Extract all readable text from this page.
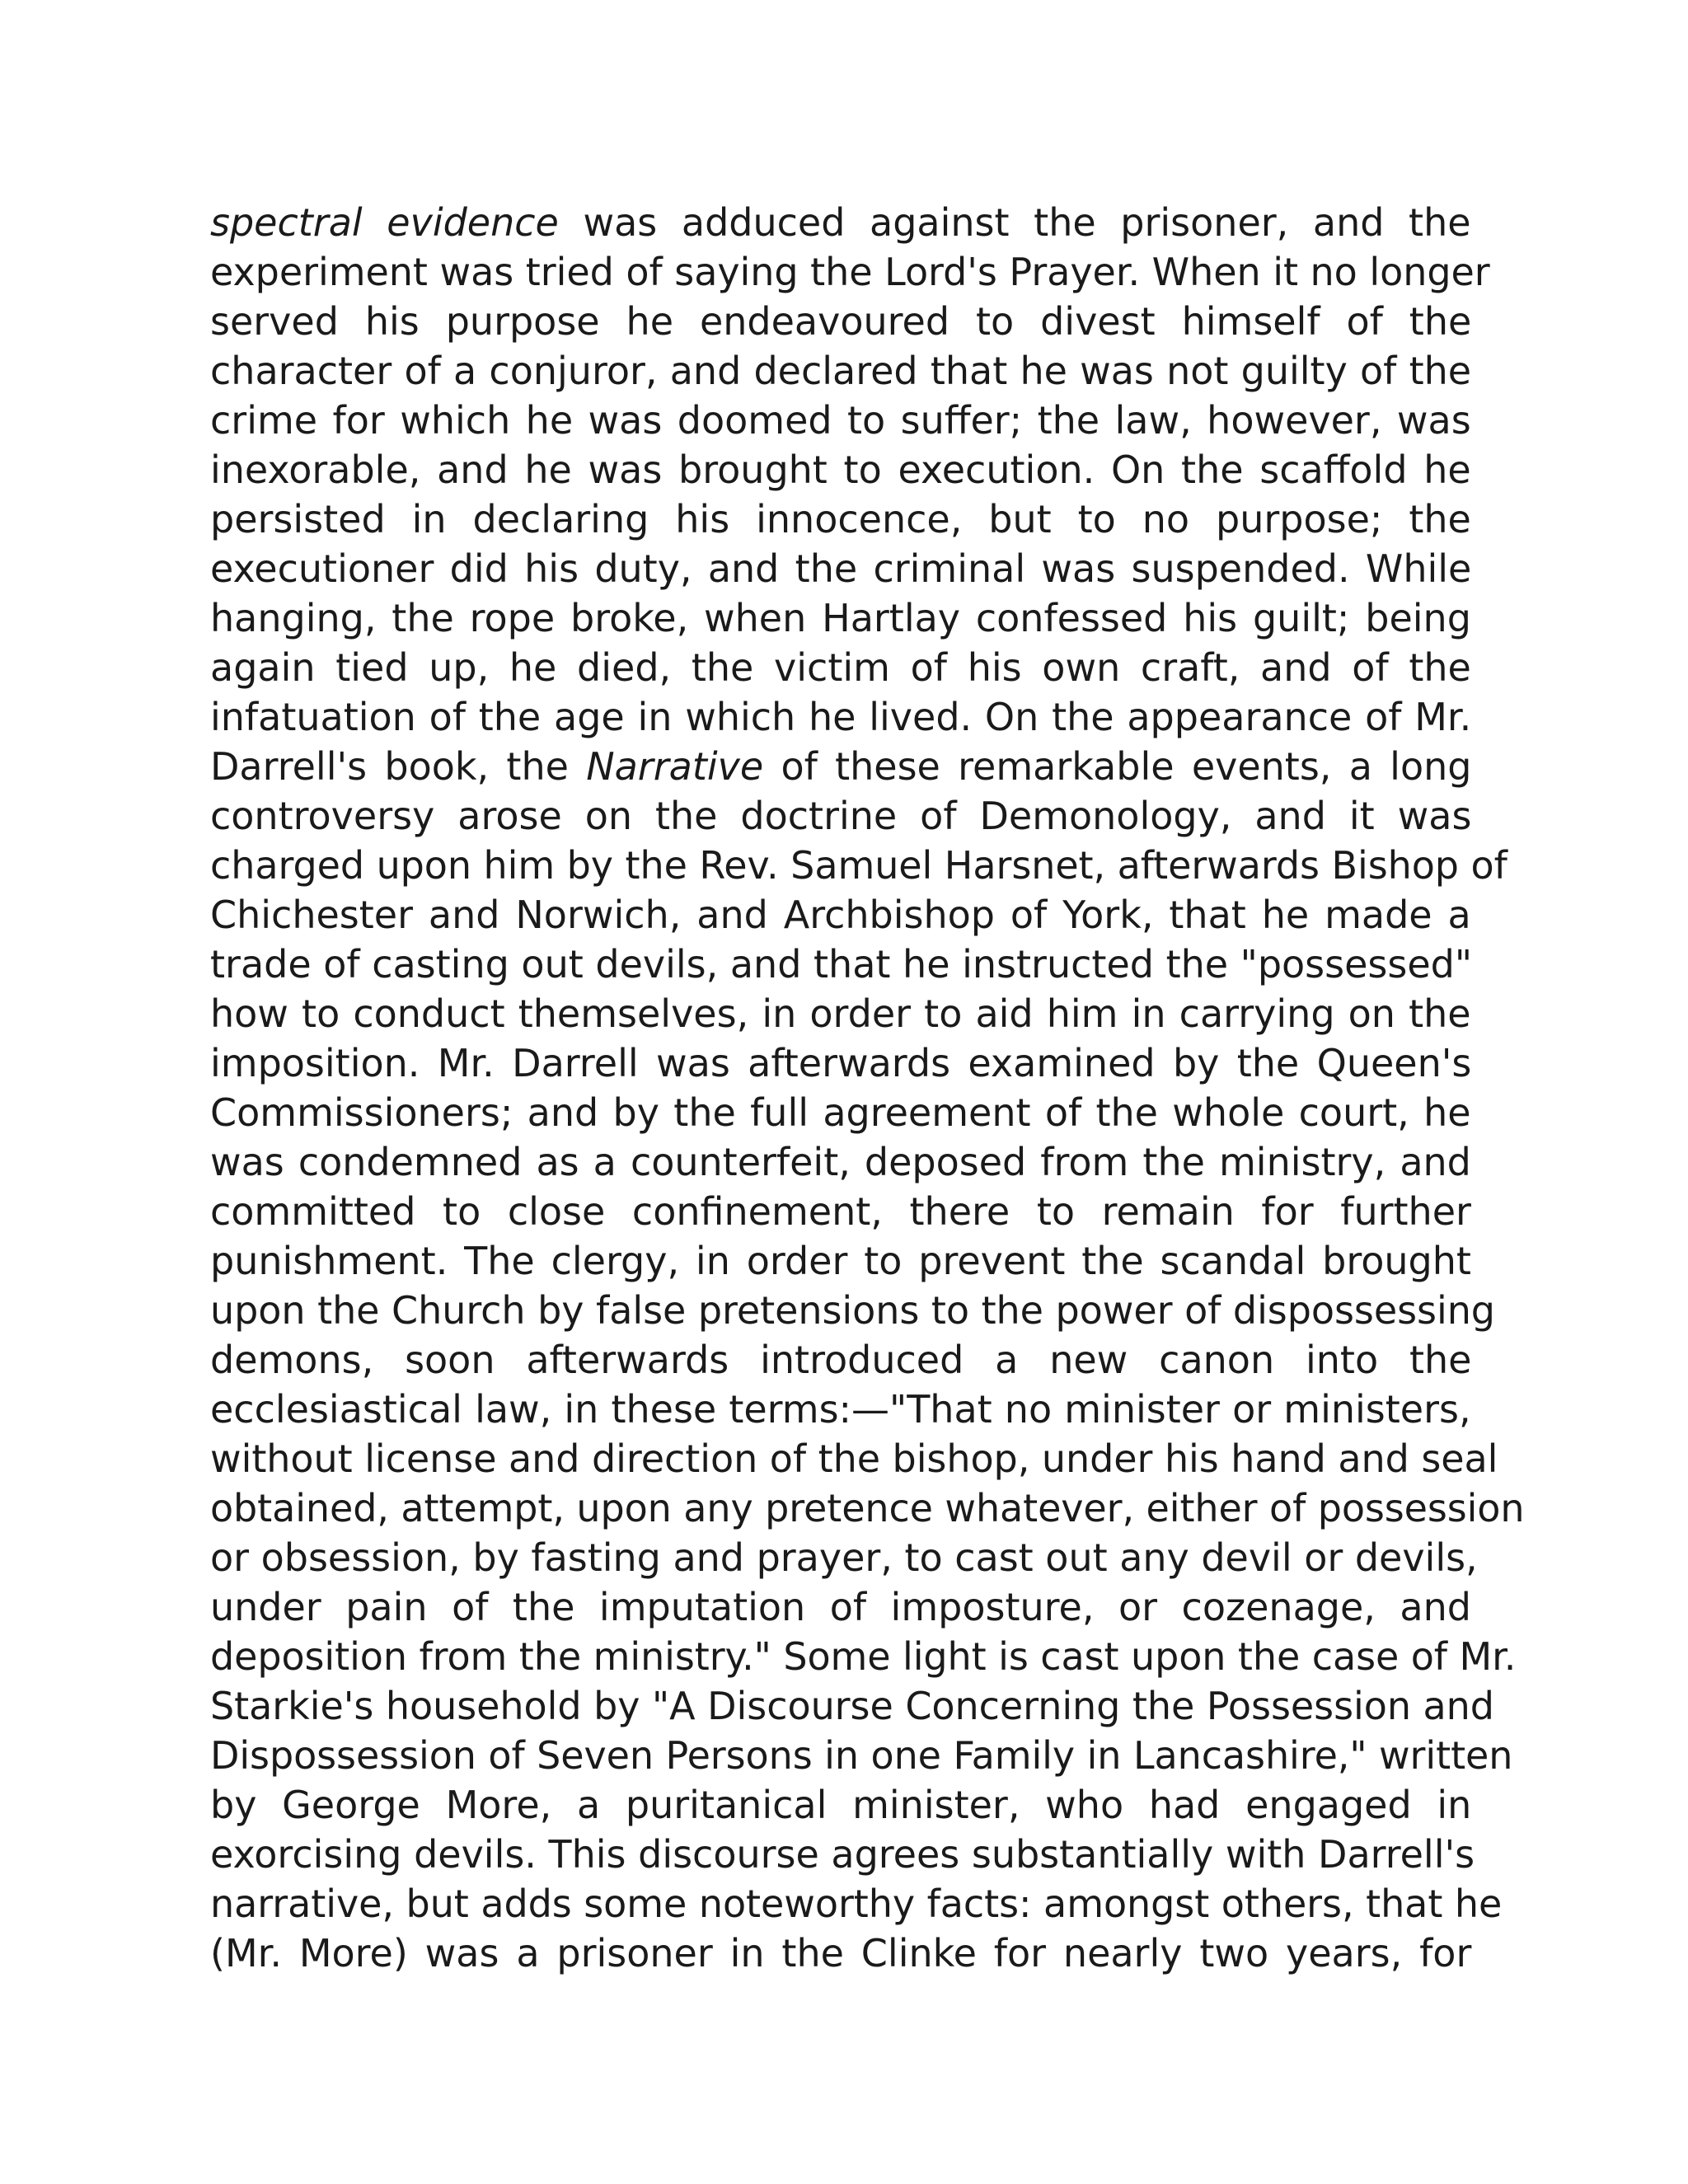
spectral evidence was adduced against the prisoner, and the
experiment was tried of saying the Lord's Prayer. When it no longer
served his purpose he endeavoured to divest himself of the
character of a conjuror, and declared that he was not guilty of the
crime for which he was doomed to suffer; the law, however, was
inexorable, and he was brought to execution. On the scaffold he
persisted in declaring his innocence, but to no purpose; the
executioner did his duty, and the criminal was suspended. While
hanging, the rope broke, when Hartlay confessed his guilt; being
again tied up, he died, the victim of his own craft, and of the
infatuation of the age in which he lived. On the appearance of Mr.
Darrell's book, the Narrative of these remarkable events, a long
controversy arose on the doctrine of Demonology, and it was
charged upon him by the Rev. Samuel Harsnet, afterwards Bishop of
Chichester and Norwich, and Archbishop of York, that he made a
trade of casting out devils, and that he instructed the "possessed"
how to conduct themselves, in order to aid him in carrying on the
imposition. Mr. Darrell was afterwards examined by the Queen's
Commissioners; and by the full agreement of the whole court, he
was condemned as a counterfeit, deposed from the ministry, and
committed to close confinement, there to remain for further
punishment. The clergy, in order to prevent the scandal brought
upon the Church by false pretensions to the power of dispossessing
demons, soon afterwards introduced a new canon into the
ecclesiastical law, in these terms:—"That no minister or ministers,
without license and direction of the bishop, under his hand and seal
obtained, attempt, upon any pretence whatever, either of possession
or obsession, by fasting and prayer, to cast out any devil or devils,
under pain of the imputation of imposture, or cozenage, and
deposition from the ministry." Some light is cast upon the case of Mr.
Starkie's household by "A Discourse Concerning the Possession and
Dispossession of Seven Persons in one Family in Lancashire," written
by George More, a puritanical minister, who had engaged in
exorcising devils. This discourse agrees substantially with Darrell's
narrative, but adds some noteworthy facts: amongst others, that he
(Mr. More) was a prisoner in the Clinke for nearly two years, for
